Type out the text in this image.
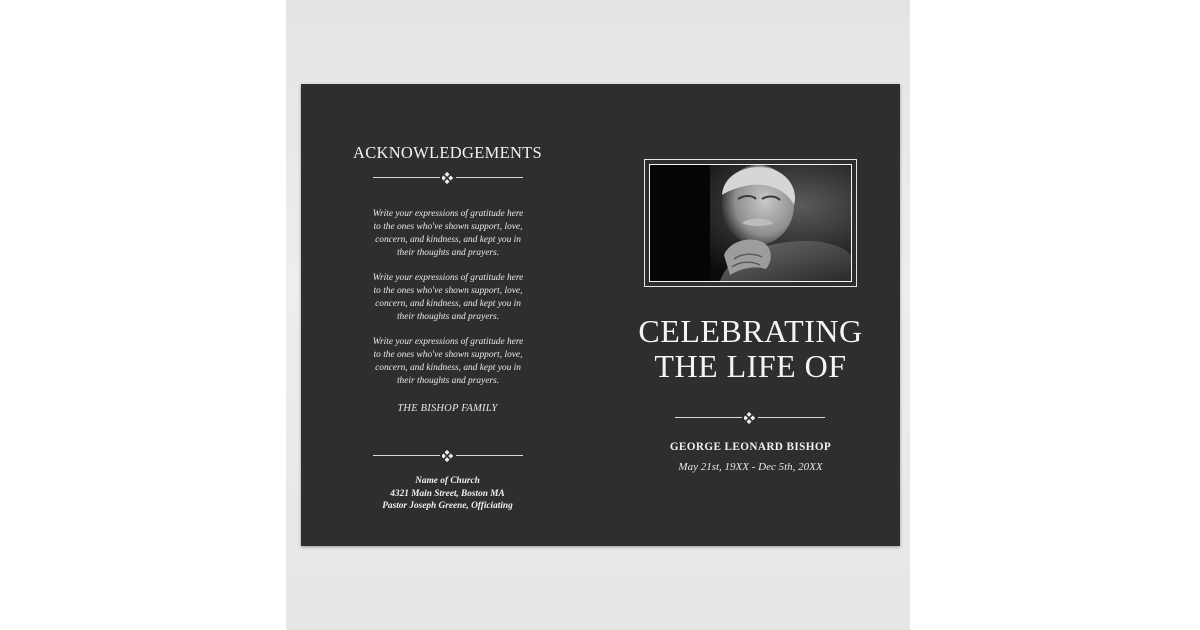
ACKNOWLEDGEMENTS

Write your expressions of gratitude here
to the ones who've shown support, love,
concern, and kindness, and kept you in
their thoughts and prayers.

Write your expressions of gratitude here
to the ones who've shown support, love,
concern, and kindness, and kept you in
their thoughts and prayers.

Write your expressions of gratitude here
to the ones who've shown support, love,
concern, and kindness, and kept you in
their thoughts and prayers.

THE BISHOP FAMILY
Name of Church
4321 Main Street, Boston MA
Pastor Joseph Greene, Officiating
CELEBRATING
THE LIFE OF
GEORGE LEONARD BISHOP
May 21st, 19XX - Dec 5th, 20XX
